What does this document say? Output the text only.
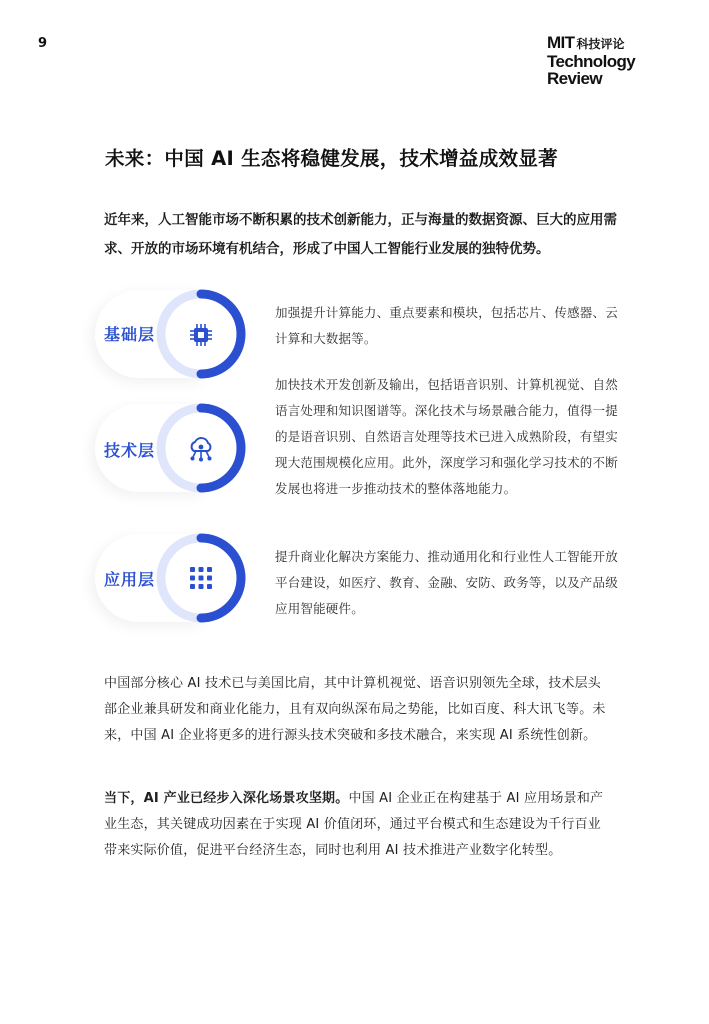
9	MIT 科技评论
Technology
Review
未来：中国 AI 生态将稳健发展，技术增益成效显著

近年来，人工智能市场不断积累的技术创新能力，正与海量的数据资源、巨大的应用需求、开放的市场环境有机结合，形成了中国人工智能行业发展的独特优势。

基础层

加强提升计算能力、重点要素和模块，包括芯片、传感器、云计算和大数据等。

技术层

加快技术开发创新及输出，包括语音识别、计算机视觉、自然语言处理和知识图谱等。深化技术与场景融合能力，值得一提的是语音识别、自然语言处理等技术已进入成熟阶段，有望实现大范围规模化应用。此外，深度学习和强化学习技术的不断发展也将进一步推动技术的整体落地能力。

应用层

提升商业化解决方案能力、推动通用化和行业性人工智能开放平台建设，如医疗、教育、金融、安防、政务等，以及产品级应用智能硬件。

中国部分核心 AI 技术已与美国比肩，其中计算机视觉、语音识别领先全球，技术层头部企业兼具研发和商业化能力，且有双向纵深布局之势能，比如百度、科大讯飞等。未来，中国 AI 企业将更多的进行源头技术突破和多技术融合，来实现 AI 系统性创新。

当下，AI 产业已经步入深化场景攻坚期。中国 AI 企业正在构建基于 AI 应用场景和产业生态，其关键成功因素在于实现 AI 价值闭环，通过平台模式和生态建设为千行百业带来实际价值，促进平台经济生态，同时也利用 AI 技术推进产业数字化转型。
